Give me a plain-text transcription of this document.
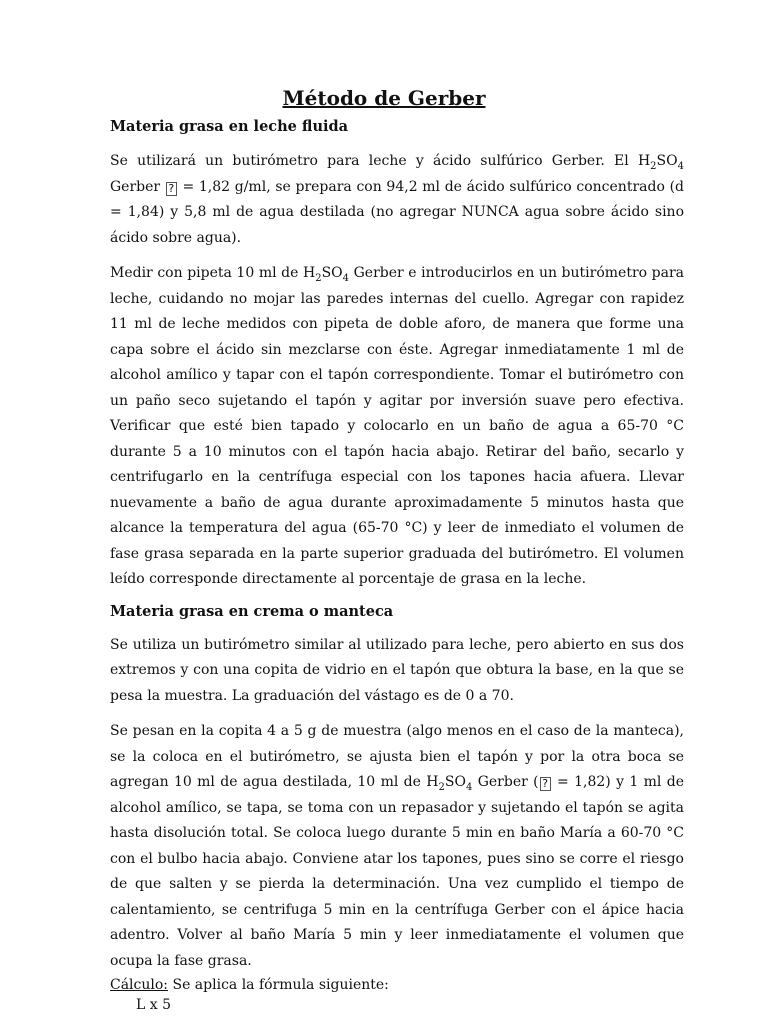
Método de Gerber
Materia grasa en leche fluida

Se utilizará un butirómetro para leche y ácido sulfúrico Gerber. El $H_2SO_4$ Gerber ? = 1,82 g/ml, se prepara con 94,2 ml de ácido sulfúrico concentrado (d = 1,84) y 5,8 ml de agua destilada (no agregar NUNCA agua sobre ácido sino ácido sobre agua).

Medir con pipeta 10 ml de $H_2SO_4$ Gerber e introducirlos en un butirómetro para leche, cuidando no mojar las paredes internas del cuello. Agregar con rapidez 11 ml de leche medidos con pipeta de doble aforo, de manera que forme una capa sobre el ácido sin mezclarse con éste. Agregar inmediatamente 1 ml de alcohol amílico y tapar con el tapón correspondiente. Tomar el butirómetro con un paño seco sujetando el tapón y agitar por inversión suave pero efectiva. Verificar que esté bien tapado y colocarlo en un baño de agua a 65-70 °C durante 5 a 10 minutos con el tapón hacia abajo. Retirar del baño, secarlo y centrifugarlo en la centrífuga especial con los tapones hacia afuera. Llevar nuevamente a baño de agua durante aproximadamente 5 minutos hasta que alcance la temperatura del agua (65-70 °C) y leer de inmediato el volumen de fase grasa separada en la parte superior graduada del butirómetro. El volumen leído corresponde directamente al porcentaje de grasa en la leche.

Materia grasa en crema o manteca

Se utiliza un butirómetro similar al utilizado para leche, pero abierto en sus dos extremos y con una copita de vidrio en el tapón que obtura la base, en la que se pesa la muestra. La graduación del vástago es de 0 a 70.

Se pesan en la copita 4 a 5 g de muestra (algo menos en el caso de la manteca), se la coloca en el butirómetro, se ajusta bien el tapón y por la otra boca se agregan 10 ml de agua destilada, 10 ml de $H_2SO_4$ Gerber ( ? = 1,82) y 1 ml de alcohol amílico, se tapa, se toma con un repasador y sujetando el tapón se agita hasta disolución total. Se coloca luego durante 5 min en baño María a 60-70 °C con el bulbo hacia abajo. Conviene atar los tapones, pues sino se corre el riesgo de que salten y se pierda la determinación. Una vez cumplido el tiempo de calentamiento, se centrifuga 5 min en la centrífuga Gerber con el ápice hacia adentro. Volver al baño María 5 min y leer inmediatamente el volumen que ocupa la fase grasa.

Cálculo: Se aplica la fórmula siguiente:
L x 5
